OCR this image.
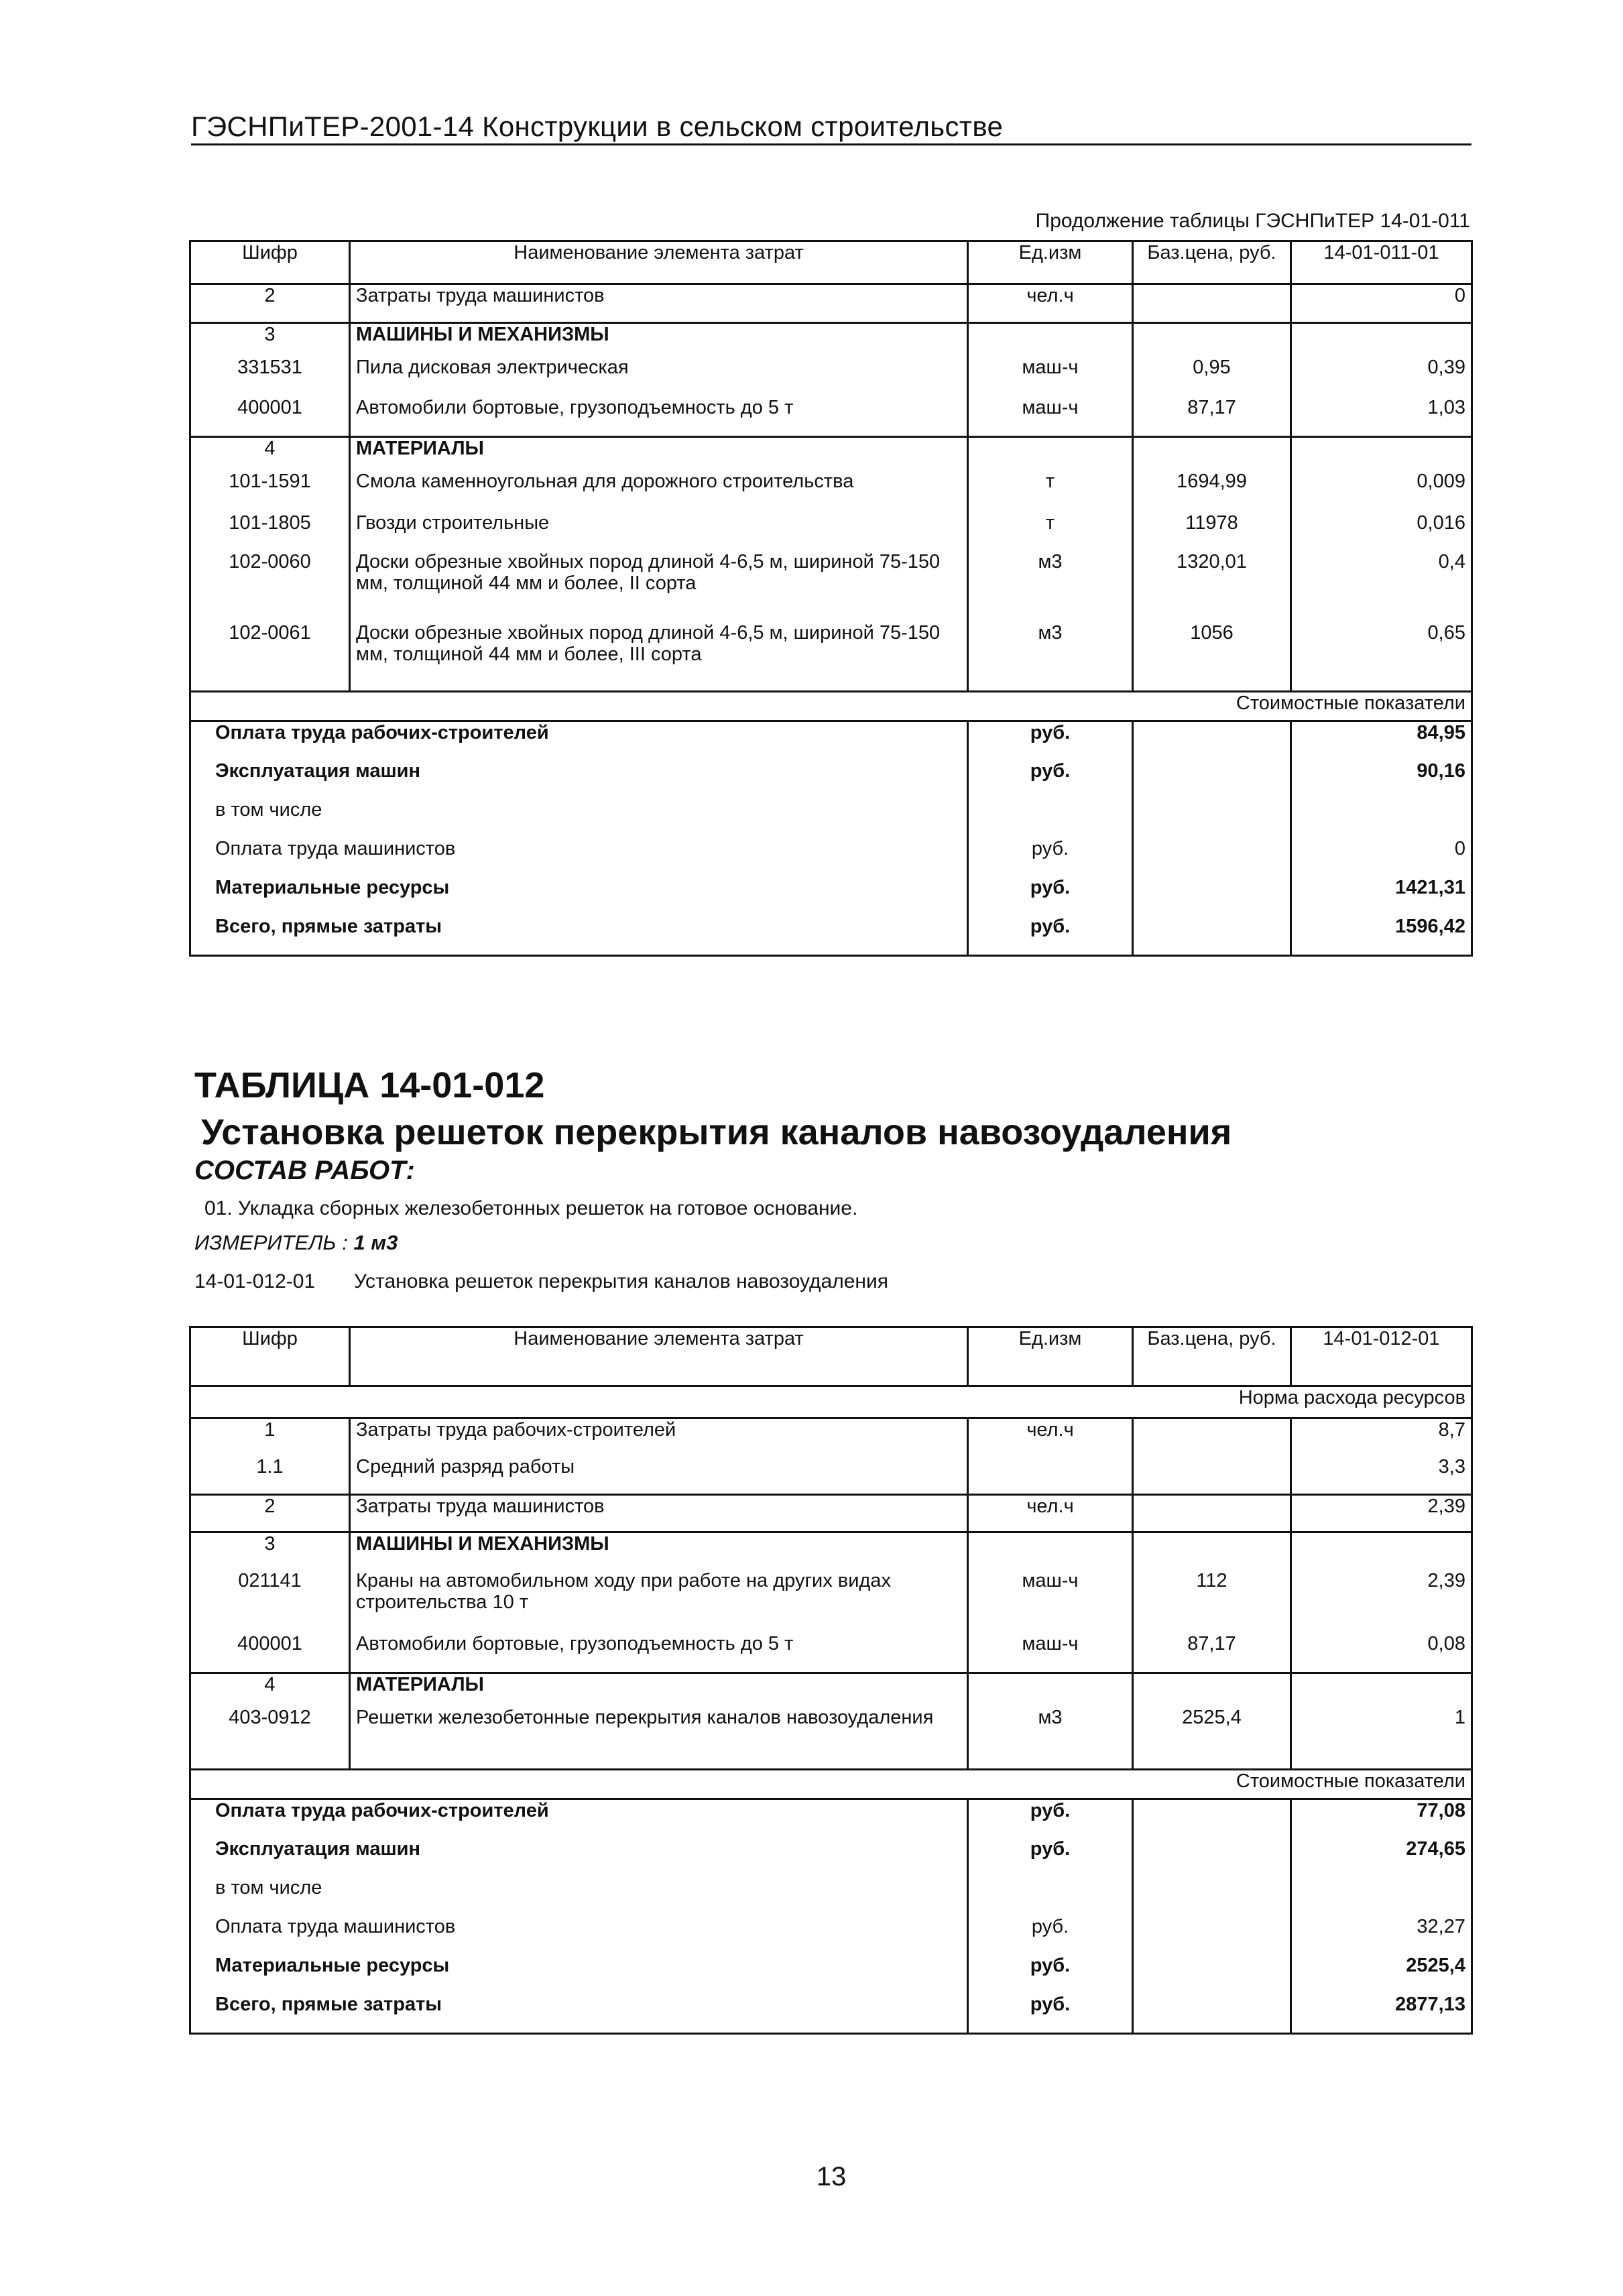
ГЭСНПиТЕР-2001-14 Конструкции в сельском строительстве
Продолжение таблицы ГЭСНПиТЕР 14-01-011
Шифр	Наименование элемента затрат	Ед.изм	Баз.цена, руб.	14-01-011-01
2	Затраты труда машинистов	чел.ч		0
3	МАШИНЫ И МЕХАНИЗМЫ			
331531	Пила дисковая электрическая	маш-ч	0,95	0,39
400001	Автомобили бортовые, грузоподъемность до 5 т	маш-ч	87,17	1,03
4	МАТЕРИАЛЫ			
101-1591	Смола каменноугольная для дорожного строительства	т	1694,99	0,009
101-1805	Гвозди строительные	т	11978	0,016
102-0060	Доски обрезные хвойных пород длиной 4-6,5 м, шириной 75-150 мм, толщиной 44 мм и более, II сорта	м3	1320,01	0,4
102-0061	Доски обрезные хвойных пород длиной 4-6,5 м, шириной 75-150 мм, толщиной 44 мм и более, III сорта	м3	1056	0,65
Стоимостные показатели				
Оплата труда рабочих-строителей		руб.		84,95
Эксплуатация машин		руб.		90,16
в том числе				
Оплата труда машинистов		руб.		0
Материальные ресурсы		руб.		1421,31
Всего, прямые затраты		руб.		1596,42
ТАБЛИЦА 14-01-012
Установка решеток перекрытия каналов навозоудаления
СОСТАВ РАБОТ:
01. Укладка сборных железобетонных решеток на готовое основание.
ИЗМЕРИТЕЛЬ : 1 м3
14-01-012-01 Установка решеток перекрытия каналов навозоудаления
Шифр	Наименование элемента затрат	Ед.изм	Баз.цена, руб.	14-01-012-01
Норма расхода ресурсов				
1	Затраты труда рабочих-строителей	чел.ч		8,7
1.1	Средний разряд работы			3,3
2	Затраты труда машинистов	чел.ч		2,39
3	МАШИНЫ И МЕХАНИЗМЫ			
021141	Краны на автомобильном ходу при работе на других видах строительства 10 т	маш-ч	112	2,39
400001	Автомобили бортовые, грузоподъемность до 5 т	маш-ч	87,17	0,08
4	МАТЕРИАЛЫ			
403-0912	Решетки железобетонные перекрытия каналов навозоудаления	м3	2525,4	1
Стоимостные показатели				
Оплата труда рабочих-строителей		руб.		77,08
Эксплуатация машин		руб.		274,65
в том числе				
Оплата труда машинистов		руб.		32,27
Материальные ресурсы		руб.		2525,4
Всего, прямые затраты		руб.		2877,13
13
